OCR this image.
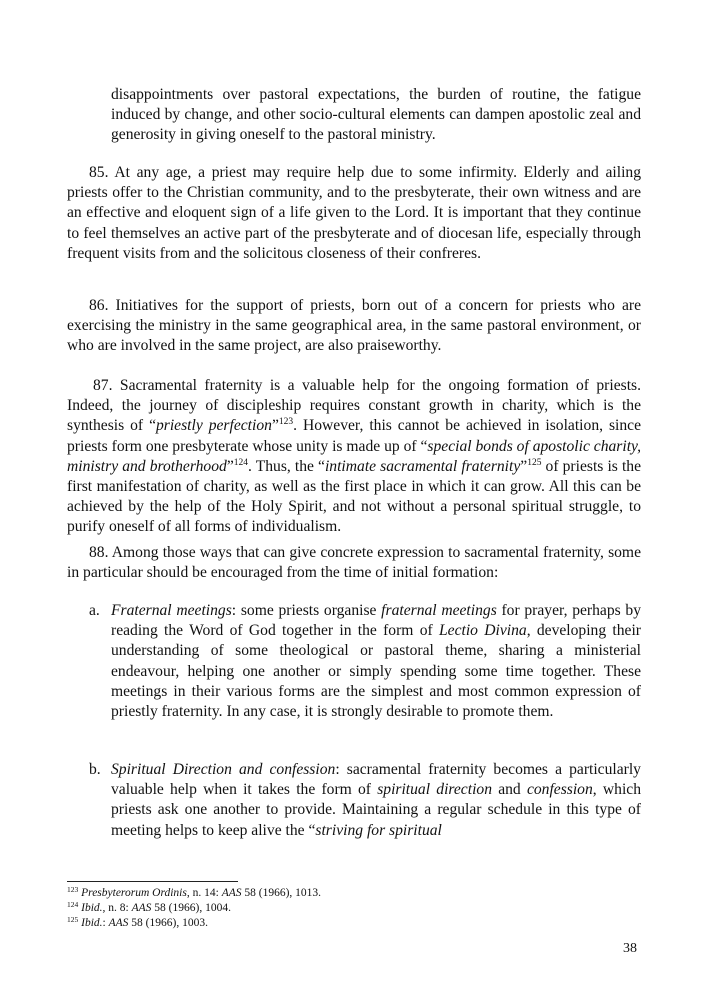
disappointments over pastoral expectations, the burden of routine, the fatigue induced by change, and other socio-cultural elements can dampen apostolic zeal and generosity in giving oneself to the pastoral ministry.

85. At any age, a priest may require help due to some infirmity. Elderly and ailing priests offer to the Christian community, and to the presbyterate, their own witness and are an effective and eloquent sign of a life given to the Lord. It is important that they continue to feel themselves an active part of the presbyterate and of diocesan life, especially through frequent visits from and the solicitous closeness of their confreres.

86. Initiatives for the support of priests, born out of a concern for priests who are exercising the ministry in the same geographical area, in the same pastoral environment, or who are involved in the same project, are also praiseworthy.

87. Sacramental fraternity is a valuable help for the ongoing formation of priests. Indeed, the journey of discipleship requires constant growth in charity, which is the synthesis of “priestly perfection”$^{123}$. However, this cannot be achieved in isolation, since priests form one presbyterate whose unity is made up of “special bonds of apostolic charity, ministry and brotherhood”$^{124}$. Thus, the “intimate sacramental fraternity”$^{125}$ of priests is the first manifestation of charity, as well as the first place in which it can grow. All this can be achieved by the help of the Holy Spirit, and not without a personal spiritual struggle, to purify oneself of all forms of individualism.

88. Among those ways that can give concrete expression to sacramental fraternity, some in particular should be encouraged from the time of initial formation:

a. Fraternal meetings: some priests organise fraternal meetings for prayer, perhaps by reading the Word of God together in the form of Lectio Divina, developing their understanding of some theological or pastoral theme, sharing a ministerial endeavour, helping one another or simply spending some time together. These meetings in their various forms are the simplest and most common expression of priestly fraternity. In any case, it is strongly desirable to promote them.

b. Spiritual Direction and confession: sacramental fraternity becomes a particularly valuable help when it takes the form of spiritual direction and confession, which priests ask one another to provide. Maintaining a regular schedule in this type of meeting helps to keep alive the “striving for spiritual

$^{123}$ Presbyterorum Ordinis, n. 14: AAS 58 (1966), 1013.
$^{124}$ Ibid., n. 8: AAS 58 (1966), 1004.
$^{125}$ Ibid.: AAS 58 (1966), 1003.
38
